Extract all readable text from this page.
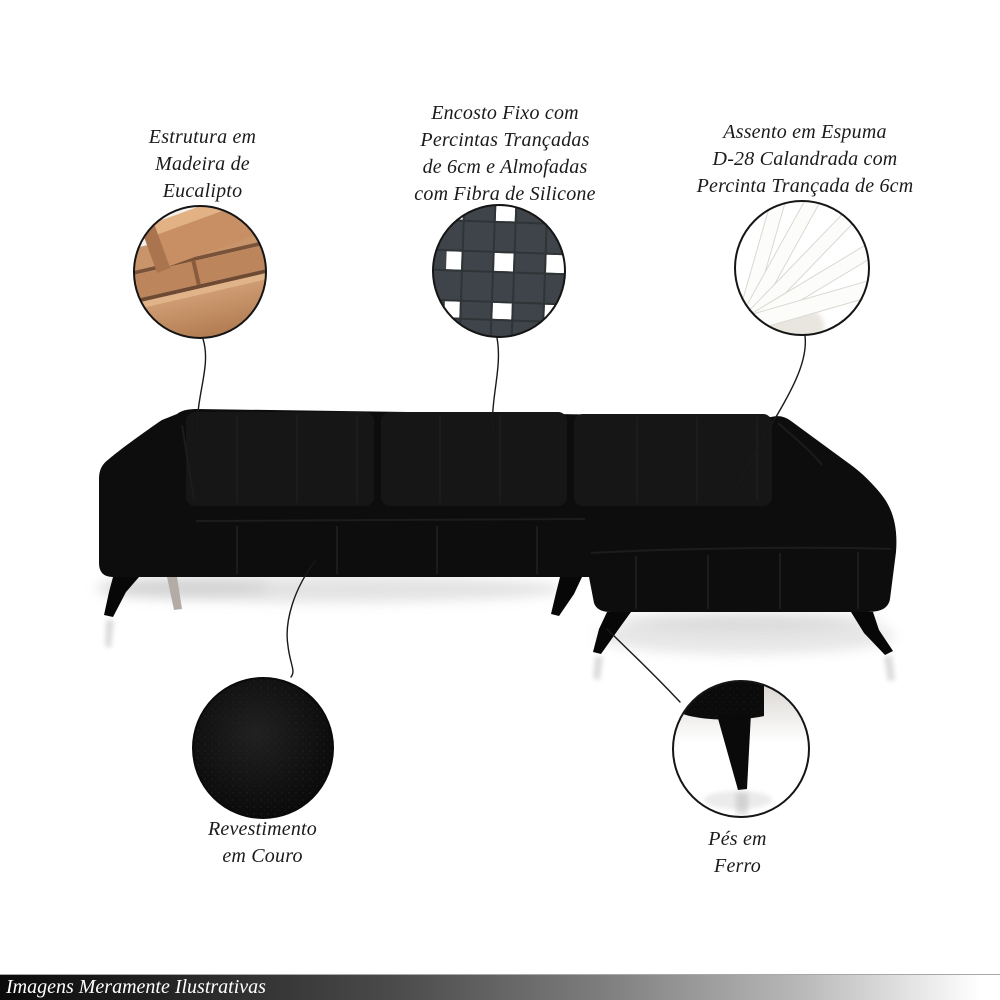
Estrutura em
Madeira de
Eucalipto
Encosto Fixo com
Percintas Trançadas
de 6cm e Almofadas
com Fibra de Silicone
Assento em Espuma
D-28 Calandrada com
Percinta Trançada de 6cm
Revestimento
em Couro
Pés em
Ferro
Imagens Meramente Ilustrativas
